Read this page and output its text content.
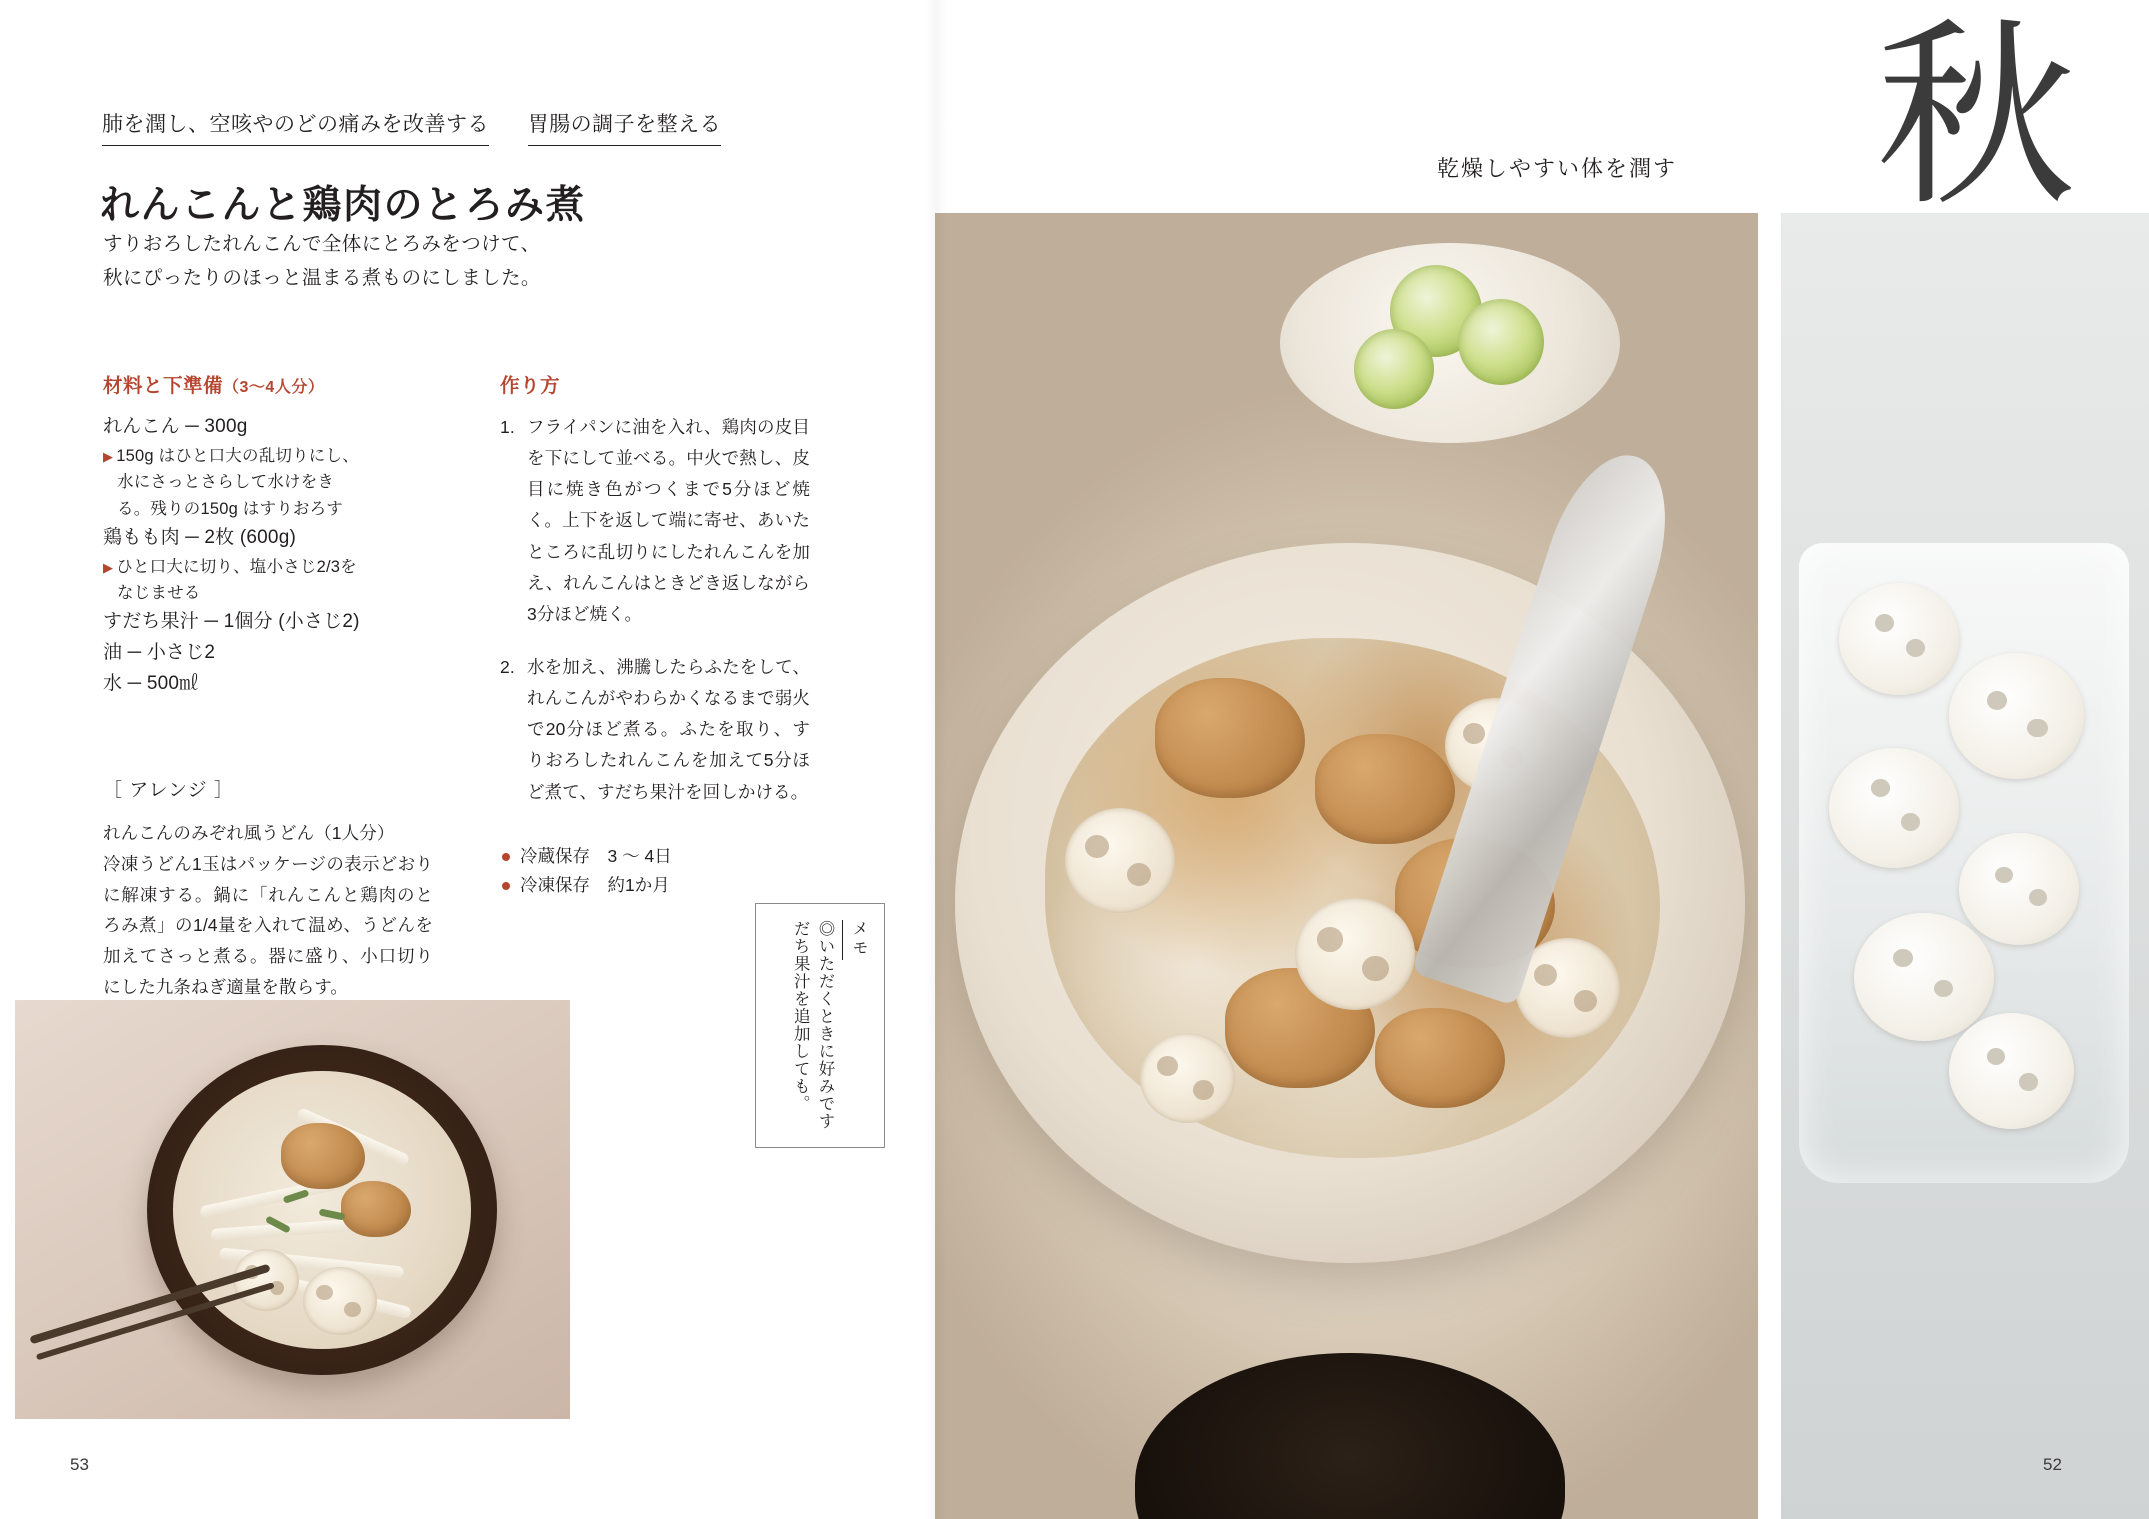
肺を潤し、空咳やのどの痛みを改善する 胃腸の調子を整える
れんこんと鶏肉のとろみ煮
すりおろしたれんこんで全体にとろみをつけて、
秋にぴったりのほっと温まる煮ものにしました。
材料と下準備（3〜4人分）

れんこん ─ 300g

▶ 150g はひと口大の乱切りにし、水にさっとさらして水けをきる。残りの150g はすりおろす

鶏もも肉 ─ 2枚 (600g)

▶ ひと口大に切り、塩小さじ2/3をなじませる

すだち果汁 ─ 1個分 (小さじ2)

油 ─ 小さじ2

水 ─ 500㎖

作り方
1. フライパンに油を入れ、鶏肉の皮目を下にして並べる。中火で熱し、皮目に焼き色がつくまで5分ほど焼く。上下を返して端に寄せ、あいたところに乱切りにしたれんこんを加え、れんこんはときどき返しながら3分ほど焼く。
2. 水を加え、沸騰したらふたをして、れんこんがやわらかくなるまで弱火で20分ほど煮る。ふたを取り、すりおろしたれんこんを加えて5分ほど煮て、すだち果汁を回しかける。
冷蔵保存　3 〜 4日
冷凍保存　約1か月
［ アレンジ ］
れんこんのみぞれ風うどん（1人分）
冷凍うどん1玉はパッケージの表示どおりに解凍する。鍋に「れんこんと鶏肉のとろみ煮」の1/4量を入れて温め、うどんを加えてさっと煮る。器に盛り、小口切りにした九条ねぎ適量を散らす。
53
メモ
◎いただくときに好みですだち果汁を追加しても。
秋
乾燥しやすい体を潤す
52
